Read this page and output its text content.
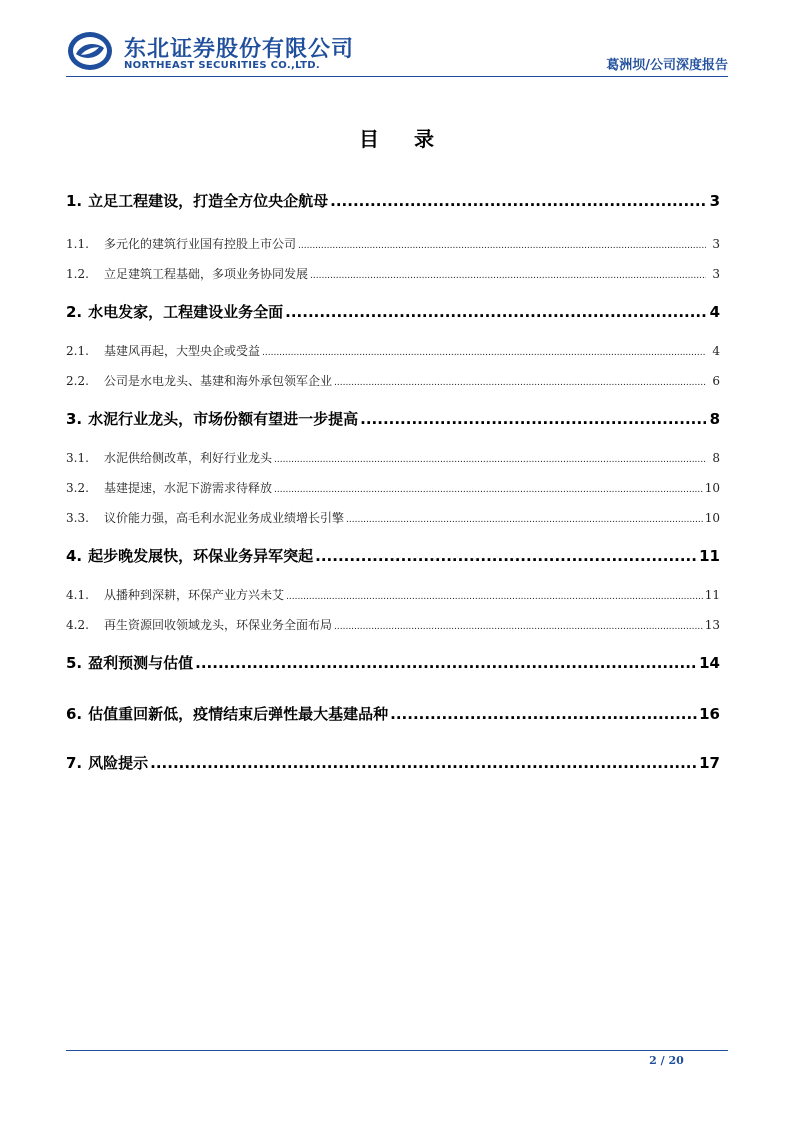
东北证券股份有限公司
NORTHEAST SECURITIES CO.,LTD.	葛洲坝/公司深度报告
目 录
1. 立足工程建设，打造全方位央企航母 .....	3
1.1.	多元化的建筑行业国有控股上市公司 .....	3
1.2.	立足建筑工程基础，多项业务协同发展 .....	3
2. 水电发家，工程建设业务全面 .....	4
2.1.	基建风再起，大型央企或受益 .....	4
2.2.	公司是水电龙头、基建和海外承包领军企业 .....	6
3. 水泥行业龙头，市场份额有望进一步提高 .....	8
3.1.	水泥供给侧改革，利好行业龙头 .....	8
3.2.	基建提速，水泥下游需求待释放 .....	10
3.3.	议价能力强，高毛利水泥业务成业绩增长引擎 .....	10
4. 起步晚发展快，环保业务异军突起 .....	11
4.1.	从播种到深耕，环保产业方兴未艾 .....	11
4.2.	再生资源回收领域龙头，环保业务全面布局 .....	13
5. 盈利预测与估值 .....	14
6. 估值重回新低，疫情结束后弹性最大基建品种 .....	16
7. 风险提示 .....	17
2 / 20
